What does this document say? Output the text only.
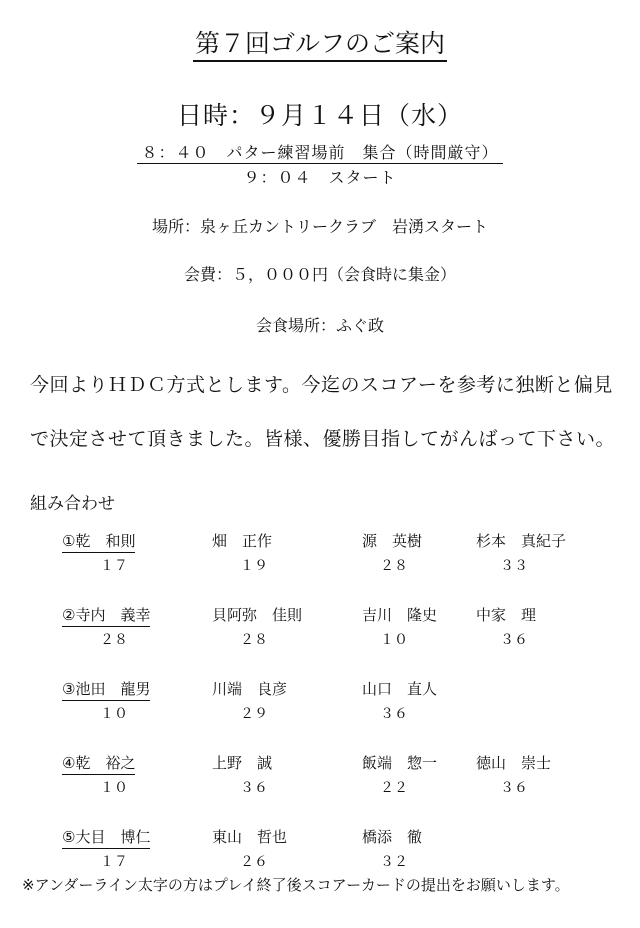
第７回ゴルフのご案内
日時：９月１４日（水）
８：４０　パター練習場前　集合（時間厳守）
９：０４　スタート
場所：泉ヶ丘カントリークラブ　岩湧スタート
会費：５，０００円（会食時に集金）
会食場所：ふぐ政
今回よりＨＤＣ方式とします。今迄のスコアーを参考に独断と偏見
で決定させて頂きました。皆様、優勝目指してがんばって下さい。
組み合わせ
①乾　和則
１７
畑　正作
１９
源　英樹
２８
杉本　真紀子
３３
②寺内　義幸
２８
貝阿弥　佳則
２８
吉川　隆史
１０
中家　理
３６
③池田　龍男
１０
川端　良彦
２９
山口　直人
３６
④乾　裕之
１０
上野　誠
３６
飯端　惣一
２２
徳山　崇士
３６
⑤大目　博仁
１７
東山　哲也
２６
橋添　徹
３２
※アンダーライン太字の方はプレイ終了後スコアーカードの提出をお願いします。
